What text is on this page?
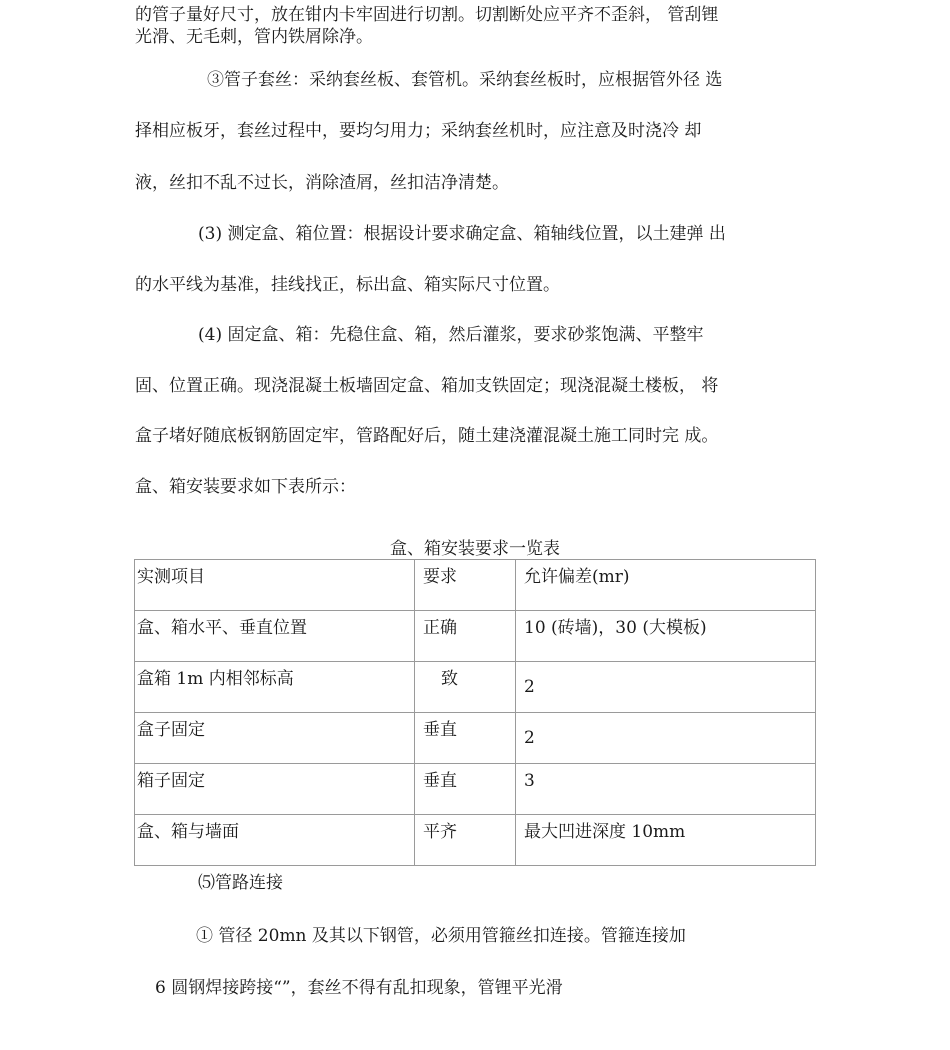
的管子量好尺寸，放在钳内卡牢固进行切割。切割断处应平齐不歪斜， 管刮锂
光滑、无毛刺，管内铁屑除净。
③管子套丝：采纳套丝板、套管机。采纳套丝板时，应根据管外径 选
择相应板牙，套丝过程中，要均匀用力；采纳套丝机时，应注意及时浇冷 却
液，丝扣不乱不过长，消除渣屑，丝扣洁净清楚。
(3) 测定盒、箱位置：根据设计要求确定盒、箱轴线位置，以土建弹 出
的水平线为基准，挂线找正，标出盒、箱实际尺寸位置。
(4) 固定盒、箱：先稳住盒、箱，然后灌浆，要求砂浆饱满、平整牢
固、位置正确。现浇混凝土板墙固定盒、箱加支铁固定；现浇混凝土楼板， 将
盒子堵好随底板钢筋固定牢，管路配好后，随土建浇灌混凝土施工同时完 成。
盒、箱安装要求如下表所示：
盒、箱安装要求一览表
实测项目	要求	允许偏差(mr)
盒、箱水平、垂直位置	正确	10 (砖墙)，30 (大模板)
盒箱 1m 内相邻标高	致	2
盒子固定	垂直	2
箱子固定	垂直	3
盒、箱与墙面	平齐	最大凹进深度 10mm
⑸管路连接
① 管径 20mn 及其以下钢管，必须用管箍丝扣连接。管箍连接加
6 圆钢焊接跨接“”，套丝不得有乱扣现象，管锂平光滑
